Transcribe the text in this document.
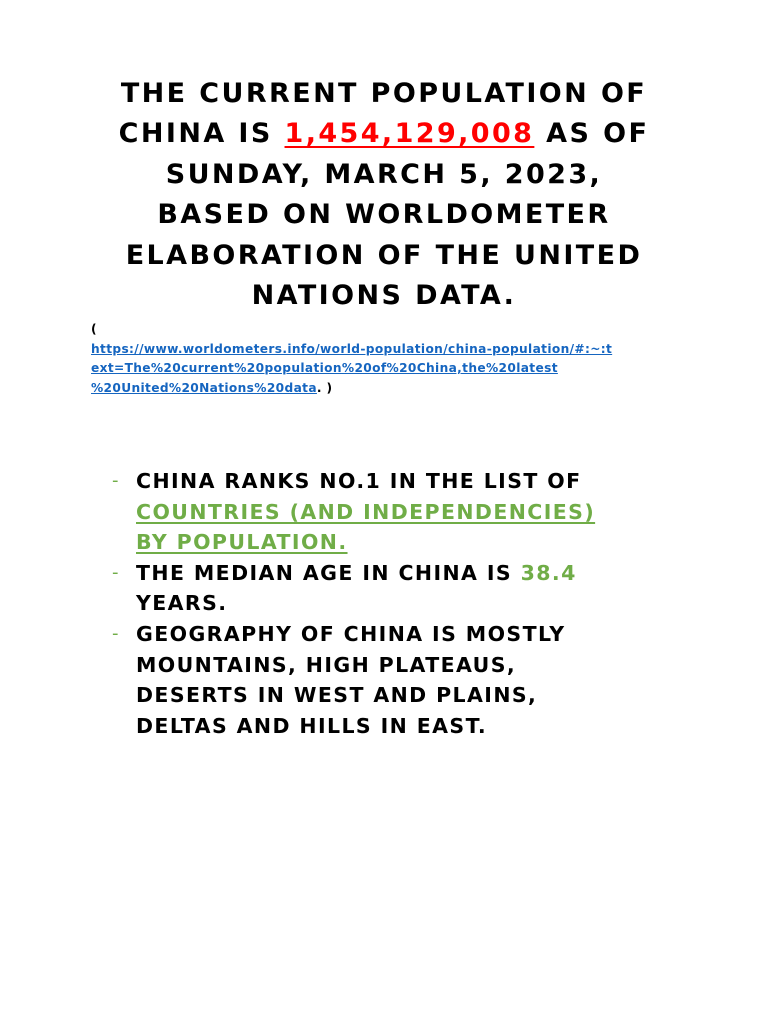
THE CURRENT POPULATION OF
CHINA IS 1,454,129,008 AS OF
SUNDAY, MARCH 5, 2023,
BASED ON WORLDOMETER
ELABORATION OF THE UNITED
NATIONS DATA.

(
https://www.worldometers.info/world-population/china-population/#:~:t
ext=The%20current%20population%20of%20China,the%20latest
%20United%20Nations%20data. )

- CHINA RANKS NO.1 IN THE LIST OF
COUNTRIES (AND INDEPENDENCIES)
BY POPULATION.
- THE MEDIAN AGE IN CHINA IS 38.4
YEARS.
- GEOGRAPHY OF CHINA IS MOSTLY
MOUNTAINS, HIGH PLATEAUS,
DESERTS IN WEST AND PLAINS,
DELTAS AND HILLS IN EAST.
